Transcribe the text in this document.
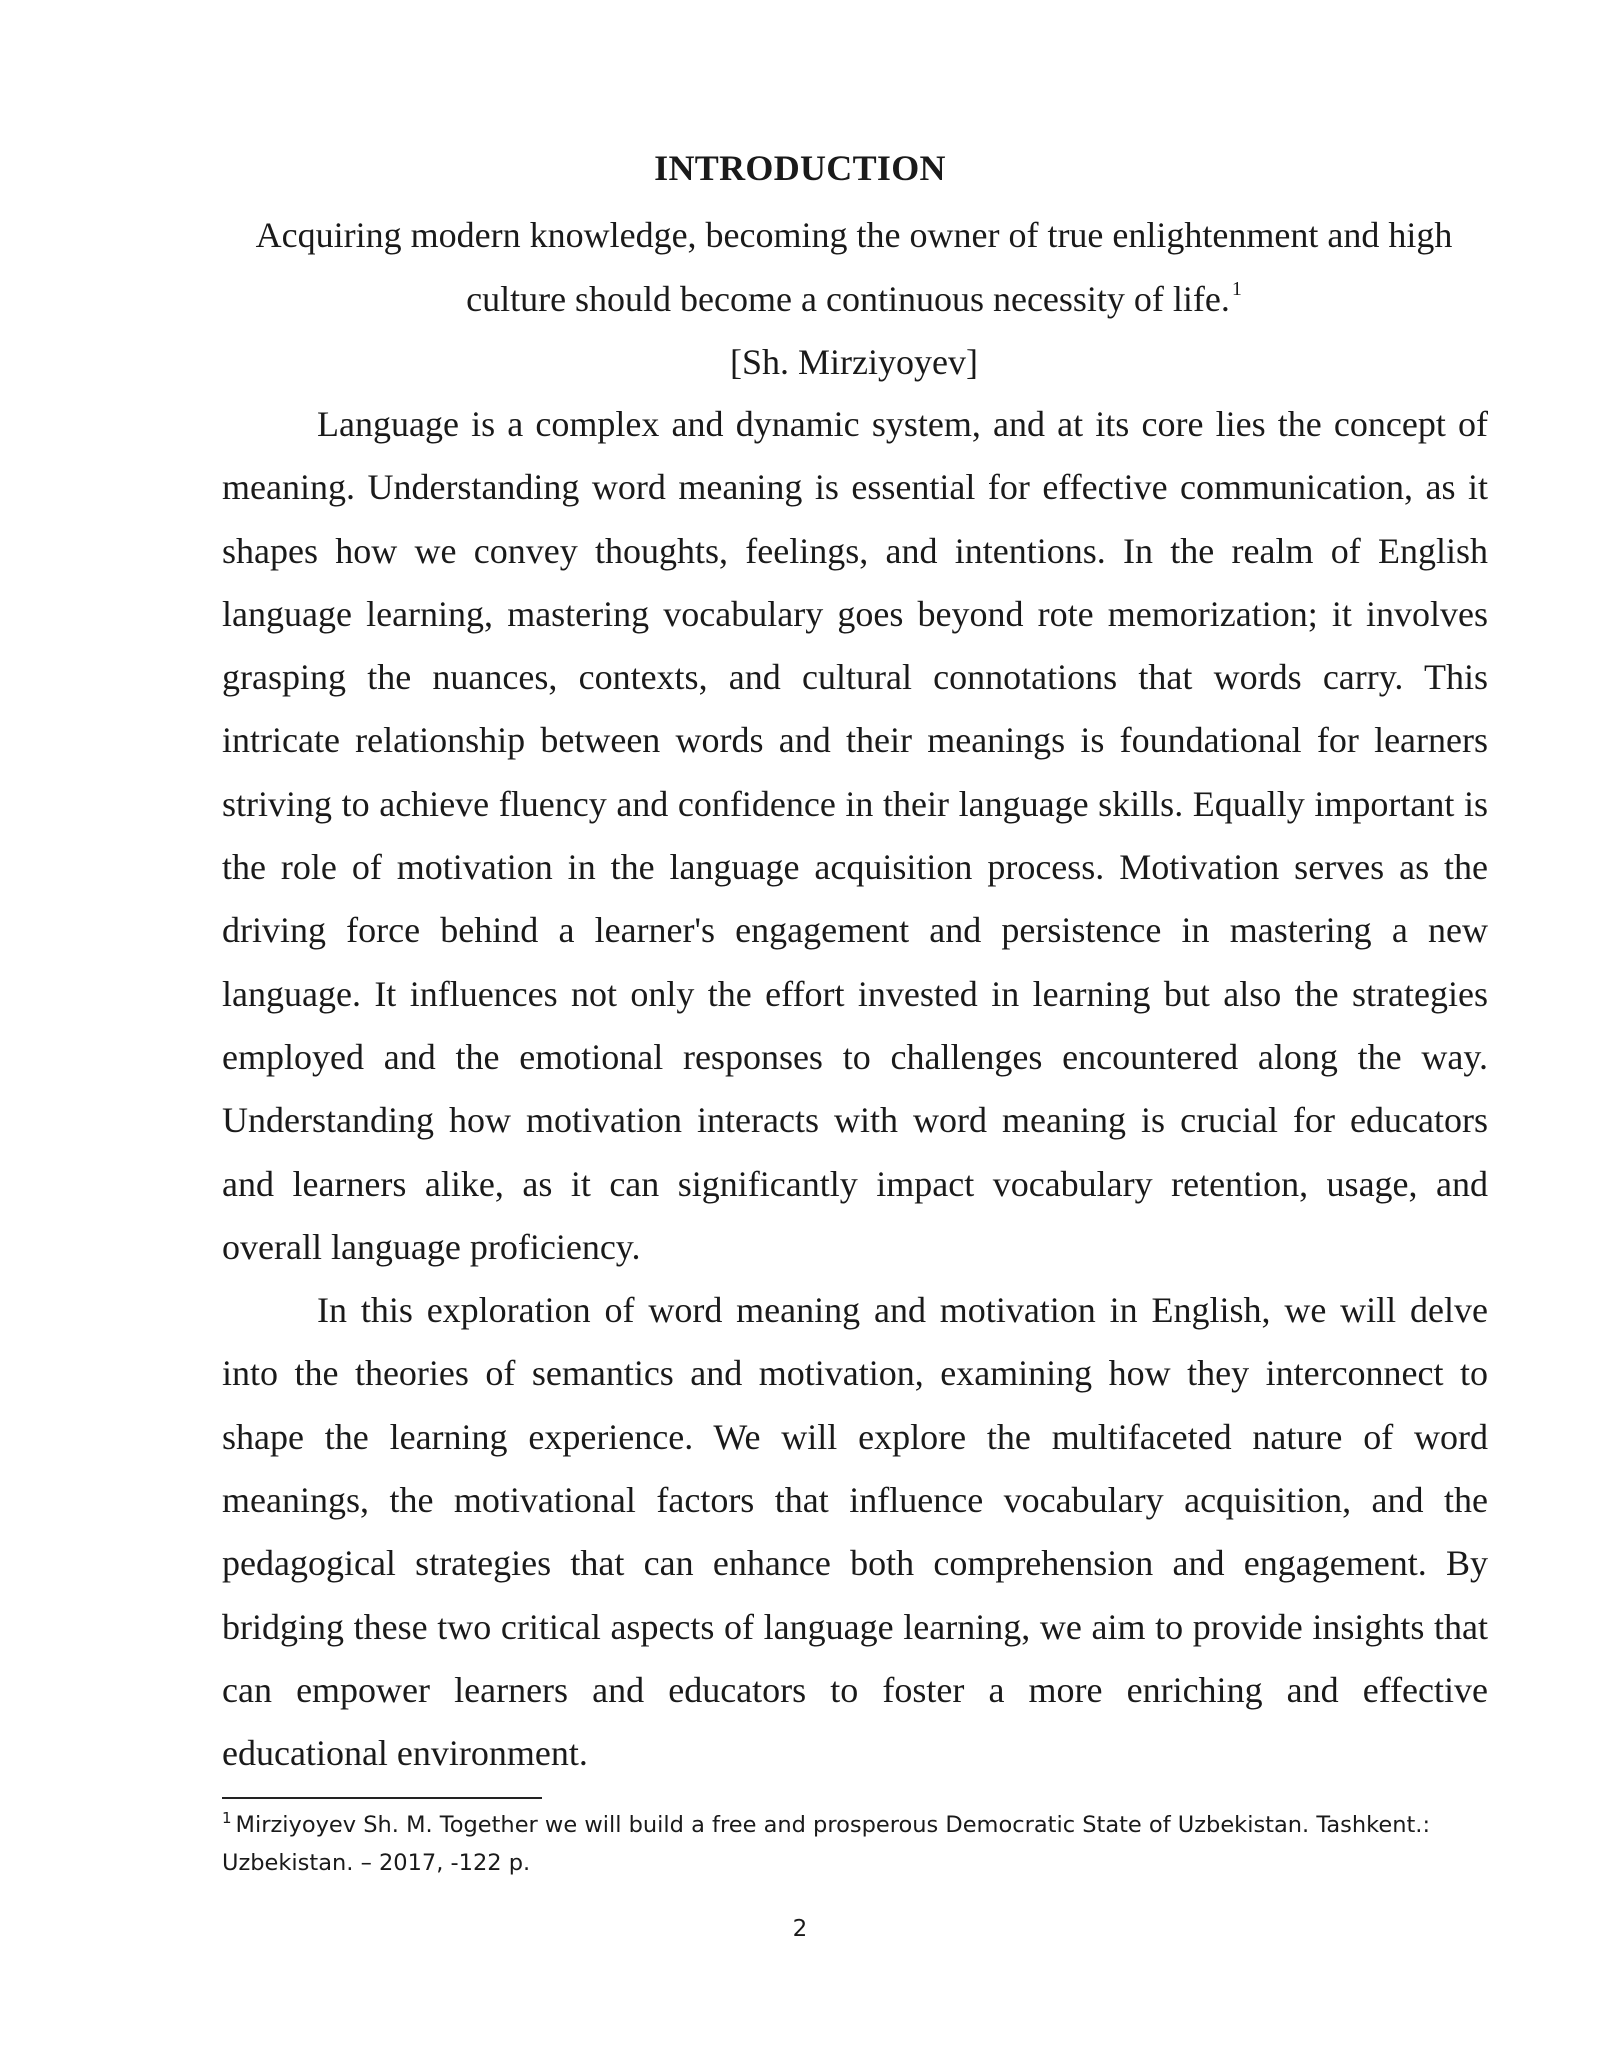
INTRODUCTION
Acquiring modern knowledge, becoming the owner of true enlightenment and high
culture should become a continuous necessity of life. $^1$
[Sh. Mirziyoyev]

Language is a complex and dynamic system, and at its core lies the concept of meaning. Understanding word meaning is essential for effective communication, as it shapes how we convey thoughts, feelings, and intentions. In the realm of English language learning, mastering vocabulary goes beyond rote memorization; it involves grasping the nuances, contexts, and cultural connotations that words carry. This intricate relationship between words and their meanings is foundational for learners striving to achieve fluency and confidence in their language skills. Equally important is the role of motivation in the language acquisition process. Motivation serves as the driving force behind a learner's engagement and persistence in mastering a new language. It influences not only the effort invested in learning but also the strategies employed and the emotional responses to challenges encountered along the way. Understanding how motivation interacts with word meaning is crucial for educators and learners alike, as it can significantly impact vocabulary retention, usage, and overall language proficiency.

In this exploration of word meaning and motivation in English, we will delve into the theories of semantics and motivation, examining how they interconnect to shape the learning experience. We will explore the multifaceted nature of word meanings, the motivational factors that influence vocabulary acquisition, and the pedagogical strategies that can enhance both comprehension and engagement. By bridging these two critical aspects of language learning, we aim to provide insights that can empower learners and educators to foster a more enriching and effective educational environment.

$^1$ Mirziyoyev Sh. M. Together we will build a free and prosperous Democratic State of Uzbekistan. Tashkent.: Uzbekistan. – 2017, -122 p.
2
